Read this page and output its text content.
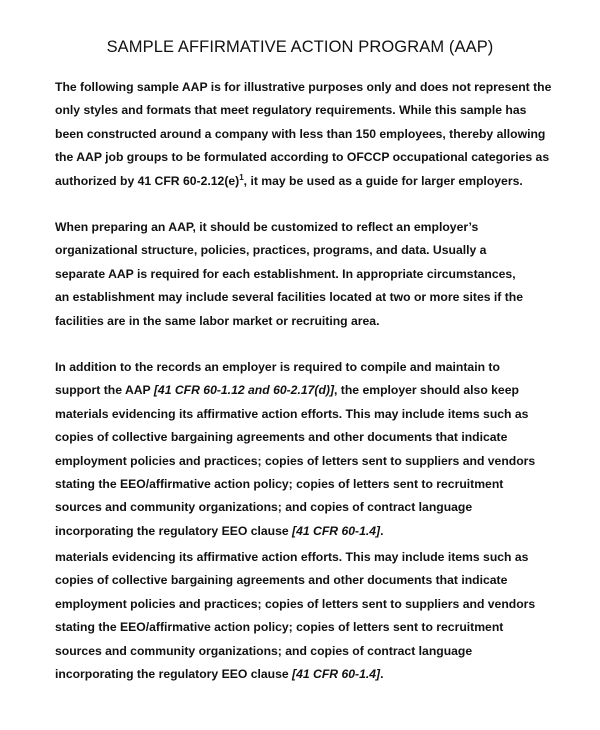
SAMPLE AFFIRMATIVE ACTION PROGRAM (AAP)
The following sample AAP is for illustrative purposes only and does not represent the
only styles and formats that meet regulatory requirements. While this sample has
been constructed around a company with less than 150 employees, thereby allowing
the AAP job groups to be formulated according to OFCCP occupational categories as
authorized by 41 CFR $60-2.12(e)^1$, it may be used as a guide for larger employers.
When preparing an AAP, it should be customized to reflect an employer’s
organizational structure, policies, practices, programs, and data. Usually a
separate AAP is required for each establishment. In appropriate circumstances,
an establishment may include several facilities located at two or more sites if the
facilities are in the same labor market or recruiting area.
In addition to the records an employer is required to compile and maintain to
support the AAP [41 CFR 60-1.12 and 60-2.17(d)], the employer should also keep
materials evidencing its affirmative action efforts. This may include items such as
copies of collective bargaining agreements and other documents that indicate
employment policies and practices; copies of letters sent to suppliers and vendors
stating the EEO/affirmative action policy; copies of letters sent to recruitment
sources and community organizations; and copies of contract language
incorporating the regulatory EEO clause [41 CFR 60-1.4].
materials evidencing its affirmative action efforts. This may include items such as
copies of collective bargaining agreements and other documents that indicate
employment policies and practices; copies of letters sent to suppliers and vendors
stating the EEO/affirmative action policy; copies of letters sent to recruitment
sources and community organizations; and copies of contract language
incorporating the regulatory EEO clause [41 CFR 60-1.4].
